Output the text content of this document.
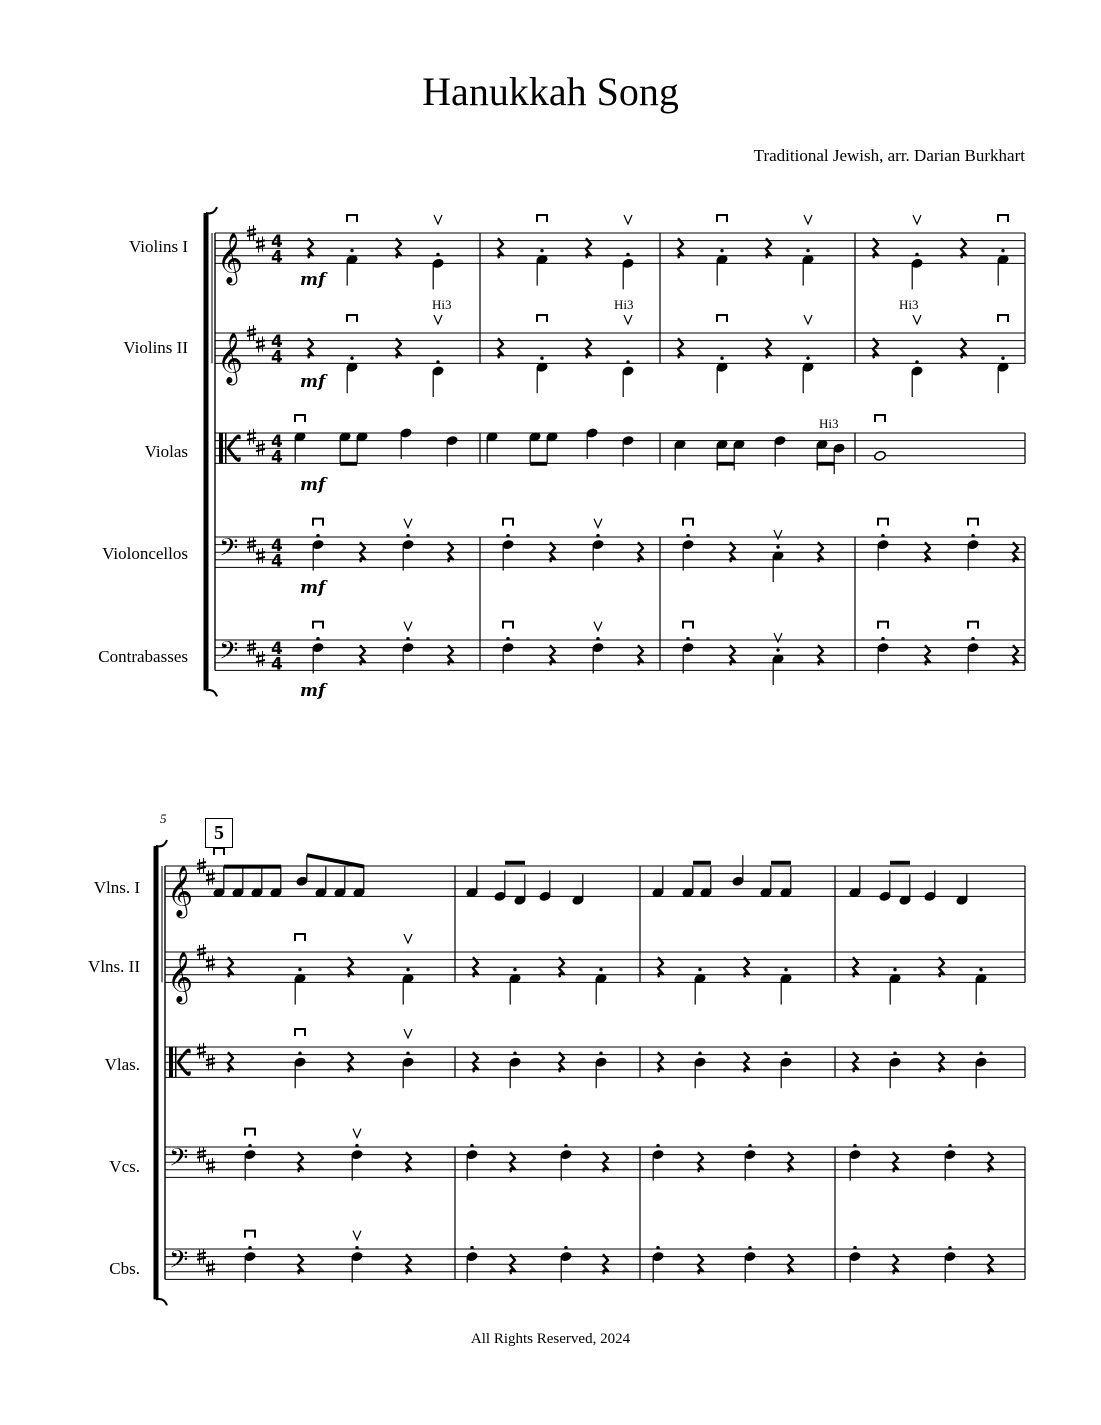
Hanukkah Song
Traditional Jewish, arr. Darian Burkhart
Violins I
Violins II
Violas
Violoncellos
Contrabasses
mf
mf
mf
mf
mf
Hi3	Hi3	Hi3
Hi3
Vlns. I
Vlns. II
Vlas.
Vcs.
Cbs.
5
5
𝄞 4
4
𝄞 4
4
4
4
𝄢 4
4
𝄢 4
4
𝄞
𝄞
𝄢
𝄢
All Rights Reserved, 2024
